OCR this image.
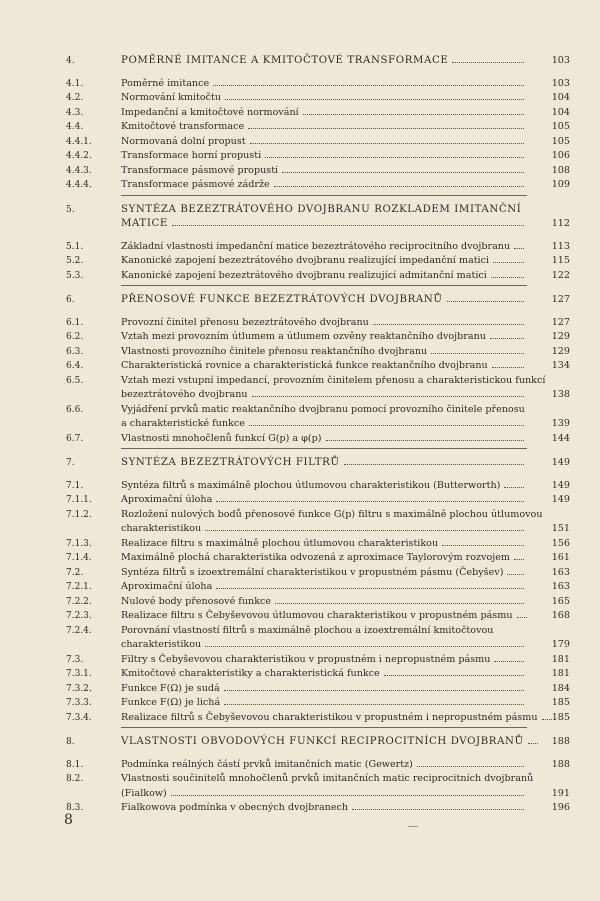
4.	POMĚRNÉ IMITANCE A KMITOČTOVÉ TRANSFORMACE	103
4.1.	Poměrné imitance	103
4.2.	Normování kmitočtu	104
4.3.	Impedanční a kmitočtové normování	104
4.4.	Kmitočtové transformace	105
4.4.1.	Normovaná dolní propust	105
4.4.2.	Transformace horní propusti	106
4.4.3.	Transformace pásmové propusti	108
4.4.4.	Transformace pásmové zádrže	109
5.	SYNTÉZA BEZEZTRÁTOVÉHO DVOJBRANU ROZKLADEM IMITANČNÍ
MATICE	112
5.1.	Základní vlastnosti impedanční matice bezeztrátového reciprocitního dvojbranu	113
5.2.	Kanonické zapojení bezeztrátového dvojbranu realizující impedanční matici	115
5.3.	Kanonické zapojení bezeztrátového dvojbranu realizující admitanční matici	122
6.	PŘENOSOVÉ FUNKCE BEZEZTRÁTOVÝCH DVOJBRANŮ	127
6.1.	Provozní činitel přenosu bezeztrátového dvojbranu	127
6.2.	Vztah mezi provozním útlumem a útlumem ozvěny reaktančního dvojbranu	129
6.3.	Vlastnosti provozního činitele přenosu reaktančního dvojbranu	129
6.4.	Charakteristická rovnice a charakteristická funkce reaktančního dvojbranu	134
6.5.	Vztah mezi vstupní impedancí, provozním činitelem přenosu a charakteristickou funkcí
bezeztrátového dvojbranu	138
6.6.	Vyjádření prvků matic reaktančního dvojbranu pomocí provozního činitele přenosu
a charakteristické funkce	139
6.7.	Vlastnosti mnohočlenů funkcí G(p) a φ(p)	144
7.	SYNTÉZA BEZEZTRÁTOVÝCH FILTRŮ	149
7.1.	Syntéza filtrů s maximálně plochou útlumovou charakteristikou (Butterworth)	149
7.1.1.	Aproximační úloha	149
7.1.2.	Rozložení nulových bodů přenosové funkce G(p) filtru s maximálně plochou útlumovou
charakteristikou	151
7.1.3.	Realizace filtru s maximálně plochou útlumovou charakteristikou	156
7.1.4.	Maximálně plochá charakteristika odvozená z aproximace Taylorovým rozvojem	161
7.2.	Syntéza filtrů s izoextremální charakteristikou v propustném pásmu (Čebyšev)	163
7.2.1.	Aproximační úloha	163
7.2.2.	Nulové body přenosové funkce	165
7.2.3.	Realizace filtru s Čebyševovou útlumovou charakteristikou v propustném pásmu	168
7.2.4.	Porovnání vlastností filtrů s maximálně plochou a izoextremální kmitočtovou
charakteristikou	179
7.3.	Filtry s Čebyševovou charakteristikou v propustném i nepropustném pásmu	181
7.3.1.	Kmitočtové charakteristiky a charakteristická funkce	181
7.3.2.	Funkce F(Ω) je sudá	184
7.3.3.	Funkce F(Ω) je lichá	185
7.3.4.	Realizace filtrů s Čebyševovou charakteristikou v propustném i nepropustném pásmu	185
8.	VLASTNOSTI OBVODOVÝCH FUNKCÍ RECIPROCITNÍCH DVOJBRANŮ	188
8.1.	Podmínka reálných částí prvků imitančních matic (Gewertz)	188
8.2.	Vlastnosti součinitelů mnohočlenů prvků imitančních matic reciprocitních dvojbranů
(Fialkow)	191
8.3.	Fialkowova podmínka v obecných dvojbranech	196
8
